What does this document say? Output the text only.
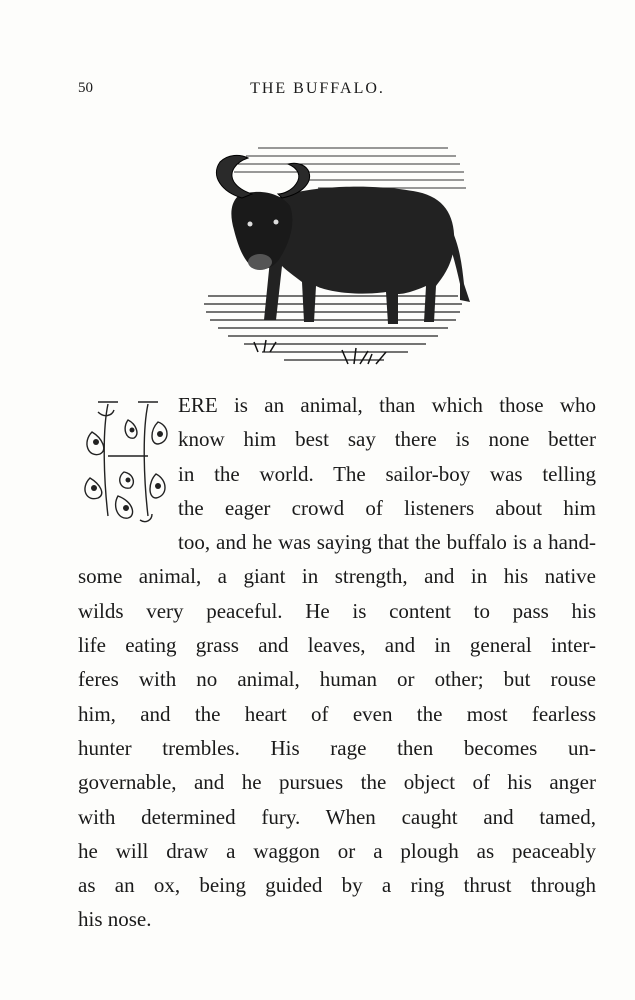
50	THE BUFFALO.
ERE is an animal, than which those who
know him best say there is none better
in the world. The sailor-boy was telling
the eager crowd of listeners about him
too, and he was saying that the buffalo is a hand-
some animal, a giant in strength, and in his native
wilds very peaceful. He is content to pass his
life eating grass and leaves, and in general inter-
feres with no animal, human or other; but rouse
him, and the heart of even the most fearless
hunter trembles. His rage then becomes un-
governable, and he pursues the object of his anger
with determined fury. When caught and tamed,
he will draw a waggon or a plough as peaceably
as an ox, being guided by a ring thrust through
his nose.
